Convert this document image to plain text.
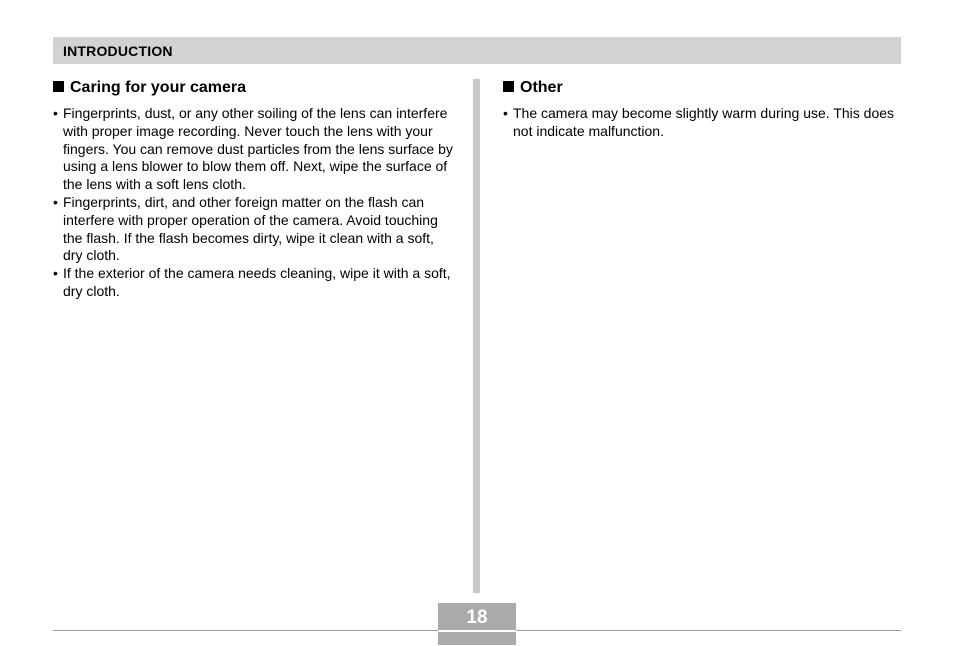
INTRODUCTION
Caring for your camera
• Fingerprints, dust, or any other soiling of the lens can interfere with proper image recording. Never touch the lens with your fingers. You can remove dust particles from the lens surface by using a lens blower to blow them off. Next, wipe the surface of the lens with a soft lens cloth.
• Fingerprints, dirt, and other foreign matter on the flash can interfere with proper operation of the camera. Avoid touching the flash. If the flash becomes dirty, wipe it clean with a soft, dry cloth.
• If the exterior of the camera needs cleaning, wipe it with a soft, dry cloth.
Other
• The camera may become slightly warm during use. This does not indicate malfunction.
18
